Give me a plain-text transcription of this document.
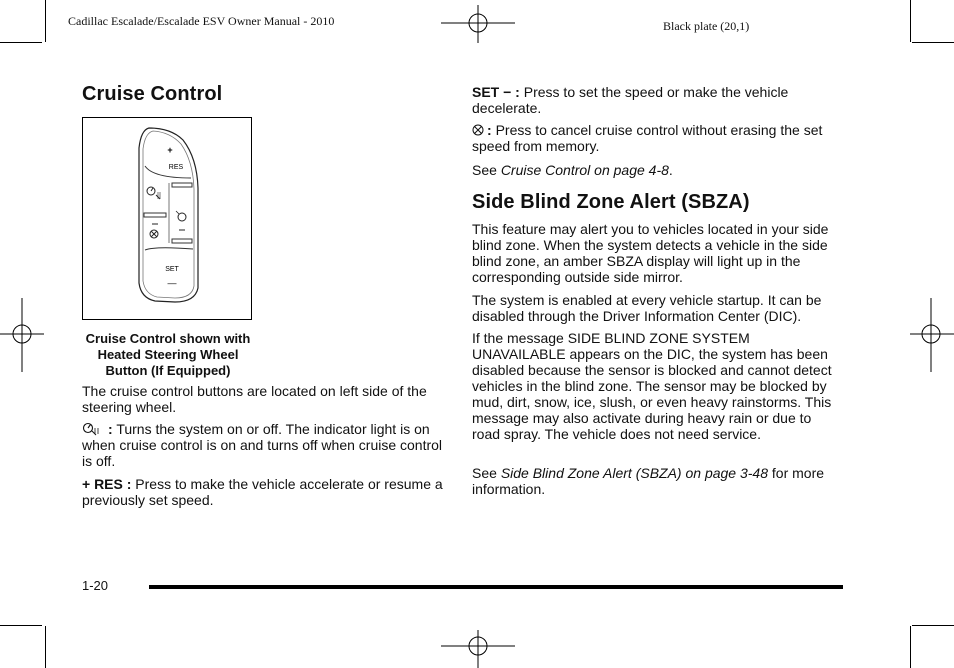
Cadillac Escalade/Escalade ESV Owner Manual - 2010	Black plate (20,1)
Cruise Control
+
RES
SET
—
Cruise Control shown with
Heated Steering Wheel
Button (If Equipped)

The cruise control buttons are located on left side of the steering wheel.

: Turns the system on or off. The indicator light is on when cruise control is on and turns off when cruise control is off.

+ RES : Press to make the vehicle accelerate or resume a previously set speed.

SET − : Press to set the speed or make the vehicle decelerate.

: Press to cancel cruise control without erasing the set speed from memory.

See Cruise Control on page 4-8.

Side Blind Zone Alert (SBZA)

This feature may alert you to vehicles located in your side blind zone. When the system detects a vehicle in the side blind zone, an amber SBZA display will light up in the corresponding outside side mirror.

The system is enabled at every vehicle startup. It can be disabled through the Driver Information Center (DIC).

If the message SIDE BLIND ZONE SYSTEM UNAVAILABLE appears on the DIC, the system has been disabled because the sensor is blocked and cannot detect vehicles in the blind zone. The sensor may be blocked by mud, dirt, snow, ice, slush, or even heavy rainstorms. This message may also activate during heavy rain or due to road spray. The vehicle does not need service.

See Side Blind Zone Alert (SBZA) on page 3-48 for more information.

1-20
